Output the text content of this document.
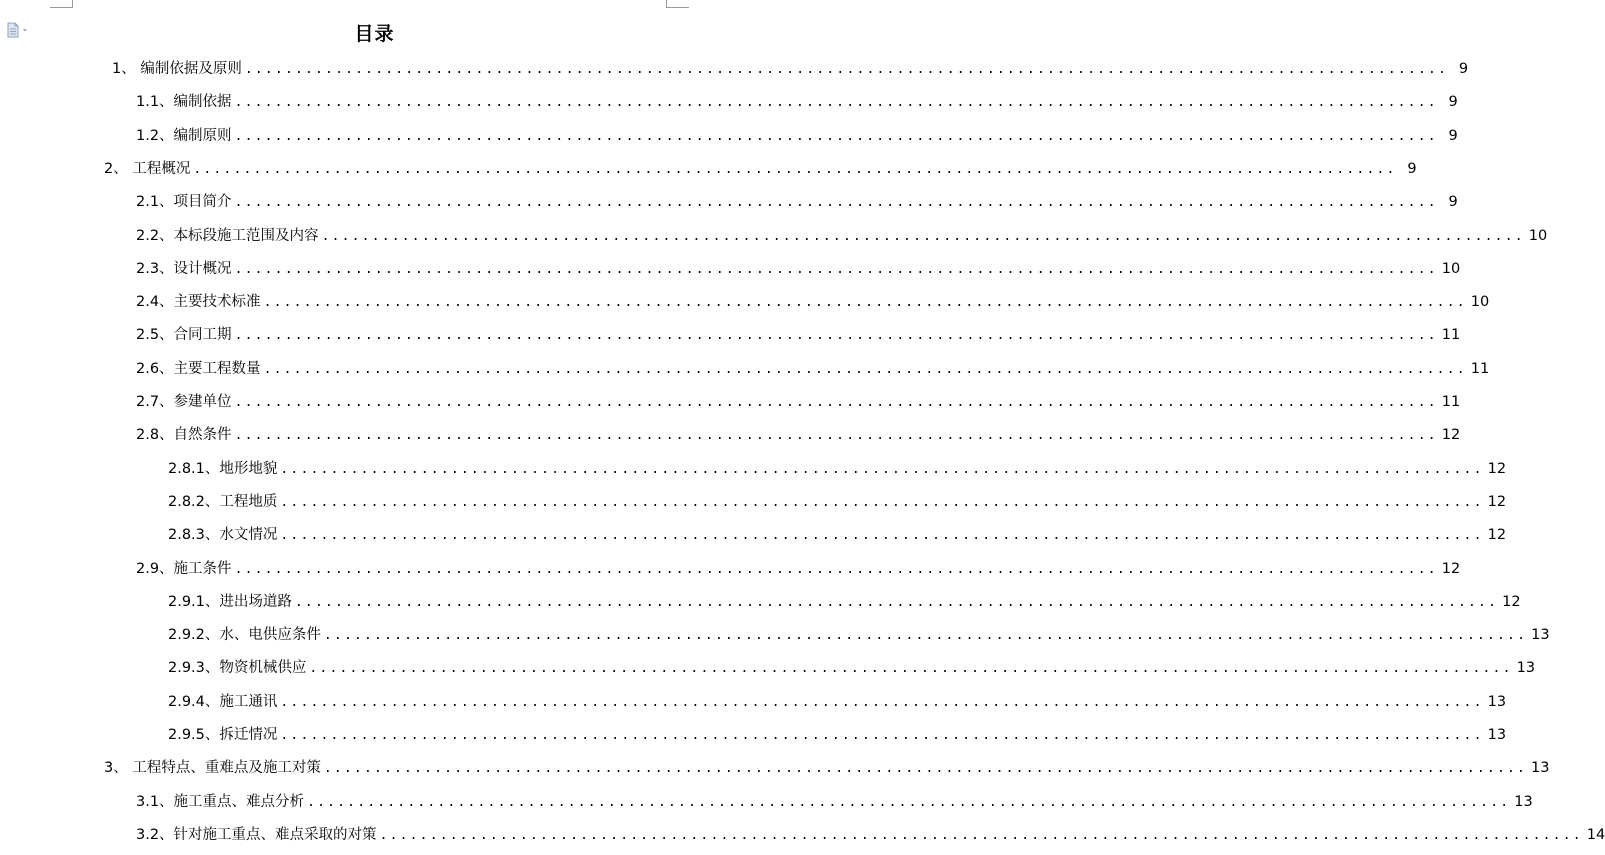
目录
1、 编制依据及原则 ........................................................................................................................ 9
1.1、编制依据 ........................................................................................................................ 9
1.2、编制原则 ........................................................................................................................ 9
2、 工程概况 ........................................................................................................................ 9
2.1、项目简介 ........................................................................................................................ 9
2.2、本标段施工范围及内容 ........................................................................................................................ 10
2.3、设计概况 ........................................................................................................................ 10
2.4、主要技术标准 ........................................................................................................................ 10
2.5、合同工期 ........................................................................................................................ 11
2.6、主要工程数量 ........................................................................................................................ 11
2.7、参建单位 ........................................................................................................................ 11
2.8、自然条件 ........................................................................................................................ 12
2.8.1、地形地貌 ........................................................................................................................ 12
2.8.2、工程地质 ........................................................................................................................ 12
2.8.3、水文情况 ........................................................................................................................ 12
2.9、施工条件 ........................................................................................................................ 12
2.9.1、进出场道路 ........................................................................................................................ 12
2.9.2、水、电供应条件 ........................................................................................................................ 13
2.9.3、物资机械供应 ........................................................................................................................ 13
2.9.4、施工通讯 ........................................................................................................................ 13
2.9.5、拆迁情况 ........................................................................................................................ 13
3、 工程特点、重难点及施工对策 ........................................................................................................................ 13
3.1、施工重点、难点分析 ........................................................................................................................ 13
3.2、针对施工重点、难点采取的对策 ........................................................................................................................ 14
